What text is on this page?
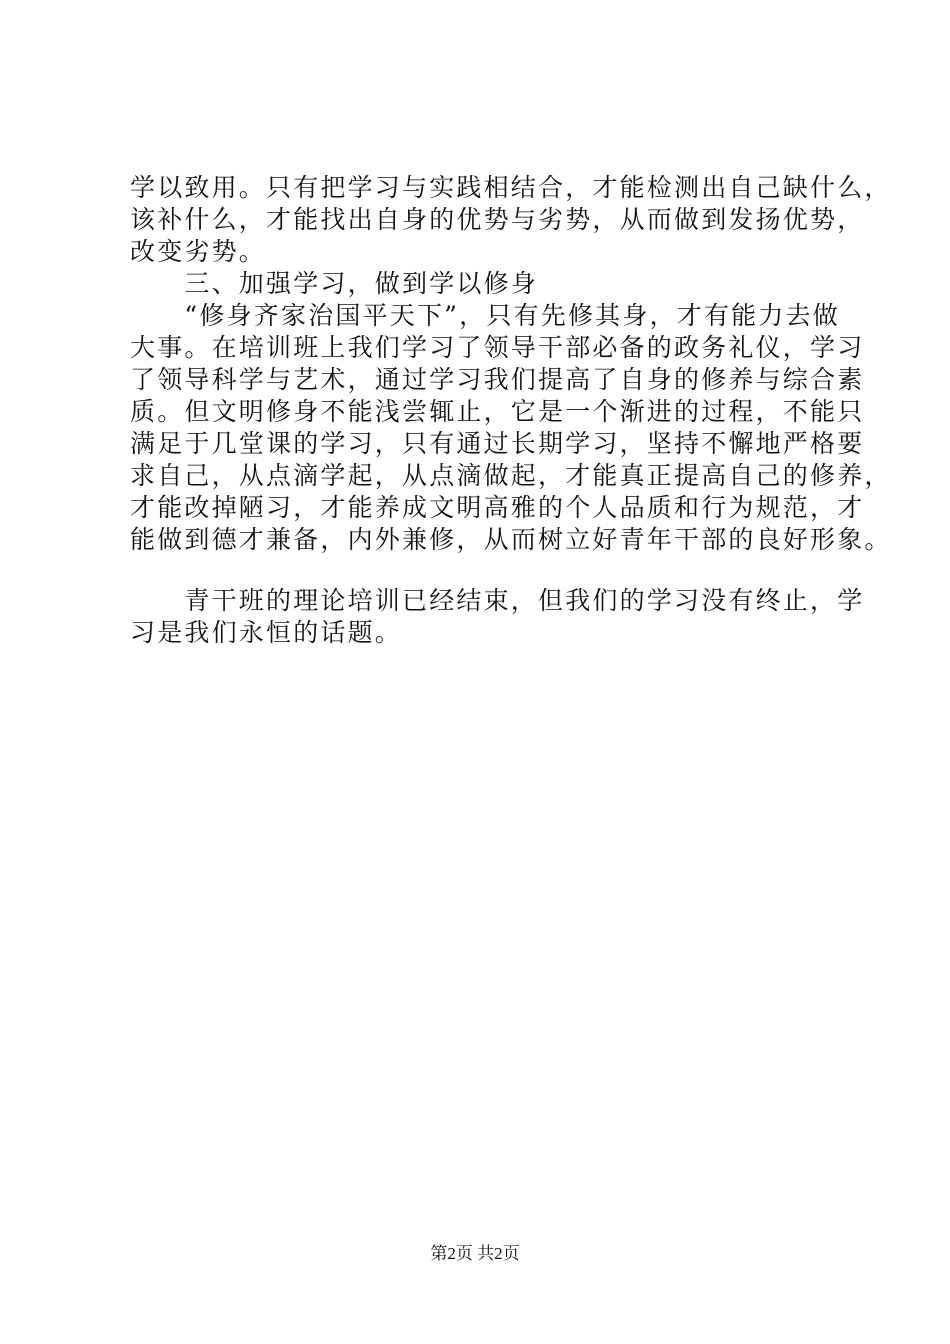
学以致用。只有把学习与实践相结合，才能检测出自己缺什么，
该补什么，才能找出自身的优势与劣势，从而做到发扬优势，
改变劣势。
　　三、加强学习，做到学以修身
　　“修身齐家治国平天下”，只有先修其身，才有能力去做
大事。在培训班上我们学习了领导干部必备的政务礼仪，学习
了领导科学与艺术，通过学习我们提高了自身的修养与综合素
质。但文明修身不能浅尝辄止，它是一个渐进的过程，不能只
满足于几堂课的学习，只有通过长期学习，坚持不懈地严格要
求自己，从点滴学起，从点滴做起，才能真正提高自己的修养，
才能改掉陋习，才能养成文明高雅的个人品质和行为规范，才
能做到德才兼备，内外兼修，从而树立好青年干部的良好形象。
　　青干班的理论培训已经结束，但我们的学习没有终止，学
习是我们永恒的话题。
第2页 共2页
